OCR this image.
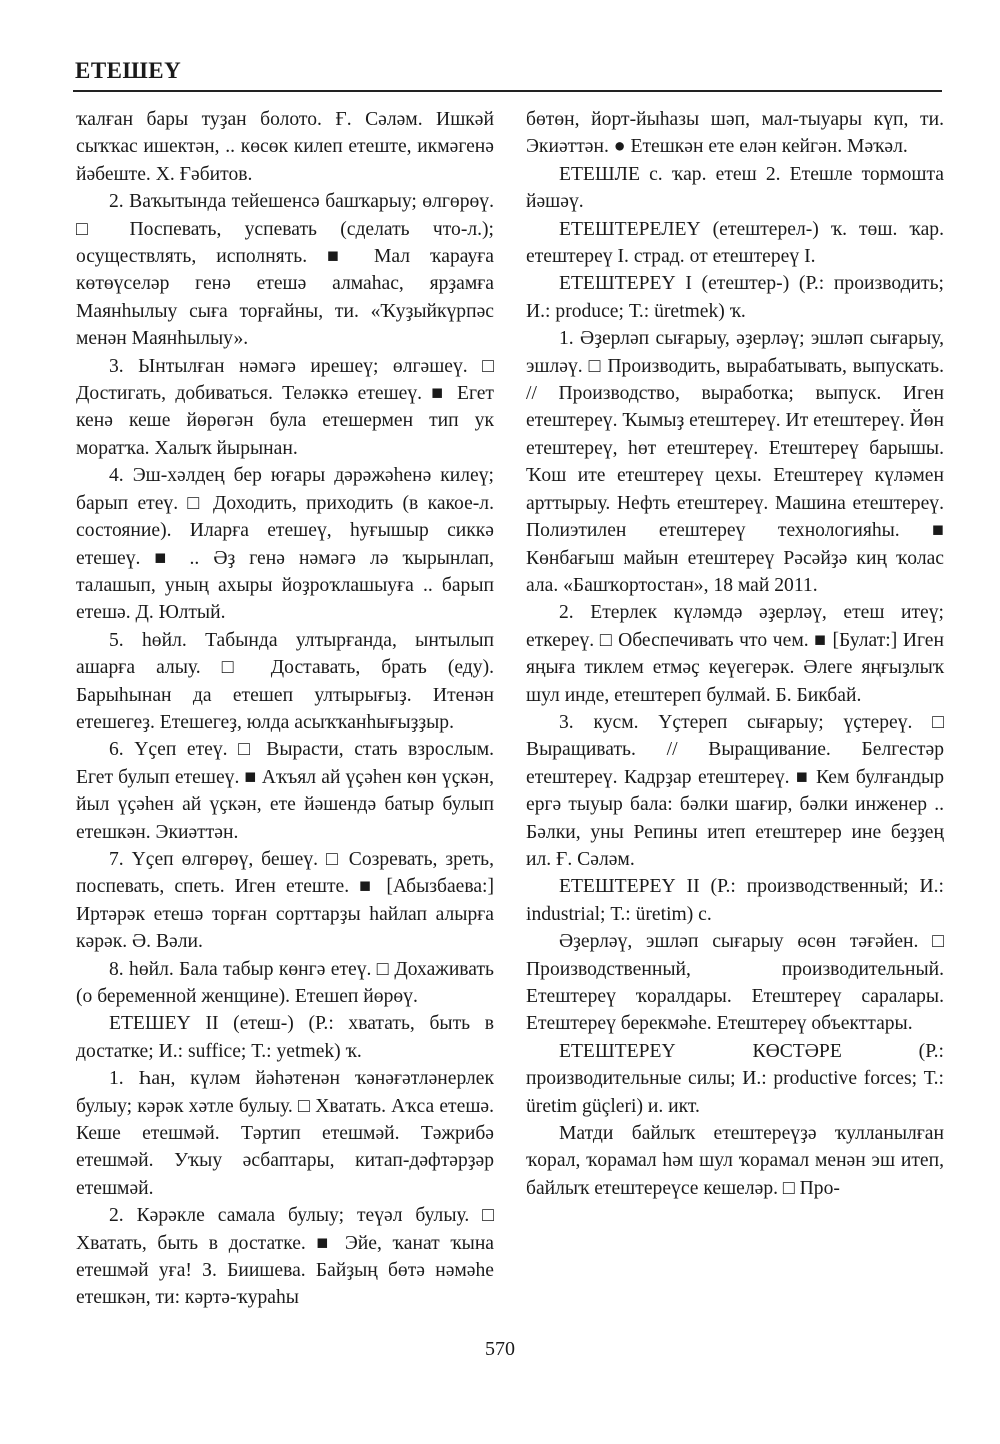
ЕТЕШЕҮ

ҡалған бары туҙан болото. Ғ. Сәләм. Ишкәй сыҡҡас ишектән, .. көсөк килеп етеште, икмәгенә йәбеште. Х. Ғәбитов.

2. Ваҡытында тейешенсә башҡарыу; өлгөрөү. □ Поспевать, успевать (сделать что-л.); осуществлять, исполнять. ■ Мал ҡарауға көтөүселәр генә етешә алмаһас, ярҙамға Маянһылыу сыға торғайны, ти. «Ҡуҙыйкүрпәс менән Маянһылыу».

3. Ынтылған нәмәгә ирешеү; өлгәшеү. □ Достигать, добиваться. Теләккә етешеү. ■ Егет кенә кеше йөрөгән була етешермен тип ук моратҡа. Халыҡ йырынан.

4. Эш-хәлдең бер юғары дәрәжәһенә килеү; барып етеү. □ Доходить, приходить (в какое-л. состояние). Иларға етешеү, һуғышыр сиккә етешеү. ■ .. Әҙ генә нәмәгә лә ҡырынлап, талашып, уның ахыры йоҙроҡлашыуға .. барып етешә. Д. Юлтый.

5. һөйл. Табында ултырғанда, ынтылып ашарға алыу. □ Доставать, брать (еду). Барыһынан да етешеп ултырығыҙ. Итенән етешегеҙ. Етешегеҙ, юлда асыҡҡанһығыҙҙыр.

6. Үҫеп етеү. □ Вырасти, стать взрослым. Егет булып етешеү. ■ Аҡъял ай үҫәһен көн үҫкән, йыл үҫәһен ай үҫкән, ете йәшендә батыр булып етешкән. Экиәттән.

7. Үҫеп өлгөрөү, бешеү. □ Созревать, зреть, поспевать, спеть. Иген етеште. ■ [Абызбаева:] Иртәрәк етешә торған сорттарҙы һайлап алырға кәрәк. Ә. Вәли.

8. һөйл. Бала табыр көнгә етеү. □ Дохаживать (о беременной женщине). Етешеп йөрөү.

ЕТЕШЕҮ II (етеш-) (Р.: хватать, быть в достатке; И.: suffice; Т.: yetmek) ҡ.

1. Һан, күләм йәһәтенән ҡәнәғәтләнерлек булыу; кәрәк хәтле булыу. □ Хватать. Аҡса етешә. Кеше етешмәй. Тәртип етешмәй. Тәжрибә етешмәй. Уҡыу әсбаптары, китап-дәфтәрҙәр етешмәй.

2. Кәрәкле самала булыу; теүәл булыу. □ Хватать, быть в достатке. ■ Эйе, ҡанат ҡына етешмәй уға! З. Биишева. Байҙың бөтә нәмәһе етешкән, ти: кәртә-ҡураһы

бөтөн, йорт-йыһазы шәп, мал-тыуары күп, ти. Экиәттән. ● Етешкән ете елән кейгән. Мәҡәл.

ЕТЕШЛЕ с. ҡар. етеш 2. Етешле тормошта йәшәү.

ЕТЕШТЕРЕЛЕҮ (етештерел-) ҡ. төш. ҡар. етештереү I. страд. от етештереү I.

ЕТЕШТЕРЕҮ I (етештер-) (Р.: производить; И.: produce; Т.: üretmek) ҡ.

1. Әҙерләп сығарыу, әҙерләү; эшләп сығарыу, эшләү. □ Производить, вырабатывать, выпускать. // Производство, выработка; выпуск. Иген етештереү. Ҡымыҙ етештереү. Ит етештереү. Йөн етештереү, һөт етештереү. Етештереү барышы. Ҡош ите етештереү цехы. Етештереү күләмен арттырыу. Нефть етештереү. Машина етештереү. Полиэтилен етештереү технологияһы. ■ Көнбағыш майын етештереү Рәсәйҙә киң ҡолас ала. «Башҡортостан», 18 май 2011.

2. Етерлек күләмдә әҙерләү, етеш итеү; еткереү. □ Обеспечивать что чем. ■ [Булат:] Иген яңыға тиклем етмәҫ кеүегерәк. Әлеге яңғыҙлыҡ шул инде, етештереп булмай. Б. Бикбай.

3. кусм. Үҫтереп сығарыу; үҫтереү. □ Выращивать. // Выращивание. Белгестәр етештереү. Кадрҙар етештереү. ■ Кем булғандыр ергә тыуыр бала: бәлки шағир, бәлки инженер .. Бәлки, уны Репины итеп етештерер ине беҙҙең ил. Ғ. Сәләм.

ЕТЕШТЕРЕҮ II (Р.: производственный; И.: industrial; Т.: üretim) с.

Әҙерләү, эшләп сығарыу өсөн тәғәйен. □ Производственный, производительный. Етештереү ҡоралдары. Етештереү саралары. Етештереү берекмәһе. Етештереү объекттары.

ЕТЕШТЕРЕҮ КӨСТӘРЕ (Р.: производительные силы; И.: productive forces; Т.: üretim güçleri) и. икт.

Матди байлыҡ етештереүҙә ҡулланылған ҡорал, ҡорамал һәм шул ҡорамал менән эш итеп, байлыҡ етештереүсе кешеләр. □ Про-

570
